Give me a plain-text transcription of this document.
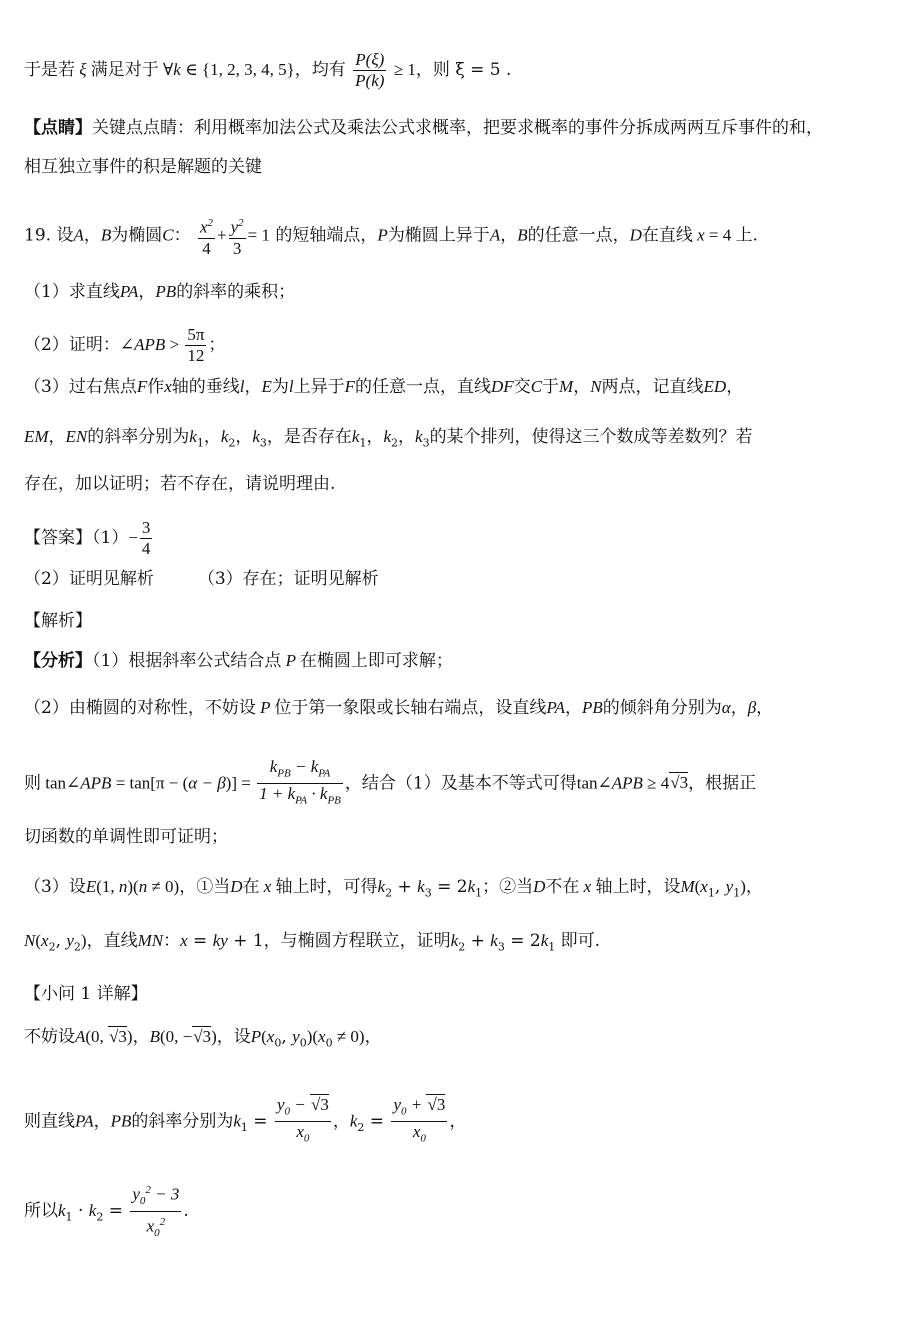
于是若 ξ 满足对于 ∀k ∈ {1, 2, 3, 4, 5}，均有 $\frac{P(\xi)}{P(k)} \ge 1$，则 ξ = 5 .
【点睛】关键点点睛：利用概率加法公式及乘法公式求概率，把要求概率的事件分拆成两两互斥事件的和，
相互独立事件的积是解题的关键
19. 设A，B为椭圆C： $\frac{x^2}{4} + \frac{y^2}{3} = 1$ 的短轴端点，P为椭圆上异于A，B的任意一点，D在直线 x = 4 上.
（1）求直线PA，PB的斜率的乘积；
（2）证明：∠APB > $\frac{5\pi}{12}$ ；
（3）过右焦点F作x轴的垂线l，E为l上异于F的任意一点，直线DF交C于M，N两点，记直线ED，
EM，EN的斜率分别为$k_1$，$k_2$，$k_3$，是否存在$k_1$，$k_2$，$k_3$的某个排列，使得这三个数成等差数列？若
存在，加以证明；若不存在，请说明理由.
【答案】$(1)- \frac{3}{4}$
（2）证明见解析	（3）存在；证明见解析
【解析】
【分析】（1）根据斜率公式结合点 P 在椭圆上即可求解；
（2）由椭圆的对称性，不妨设 P 位于第一象限或长轴右端点，设直线PA，PB的倾斜角分别为α，β，
则 tan∠APB = $\tan[\pi - (\alpha - \beta)] = \frac{k_{PB} - k_{PA}}{1 + k_{PA} \cdot k_{PB}}$ ，结合（1）及基本不等式可得tan∠APB ≥ 4√3，根据正
切函数的单调性即可证明；
（3）设E(1, n)(n ≠ 0)，①当D在 x 轴上时，可得$k_2 + k_3 = 2k_1$；②当D不在 x 轴上时，设$M(x_1$, $y_1$)，
$N(x_2$, $y_2$)，直线MN：x = ky + 1，与椭圆方程联立，证明$k_2 + k_3 = 2k_1$ 即可.
【小问 1 详解】
不妨设A(0, √3)，B(0, −√3)，设$P(x_0$, $y_0)(x_0 \ne 0)$，
则直线PA，PB的斜率分别为$k_1 = \frac{y_0 - √3}{x_0}$ ，$k_2 = \frac{y_0 + √3}{x_0}$ ，
所以$k_1 \cdot k_2 = \frac{y_0^2 - 3}{x_0^2}$ .
